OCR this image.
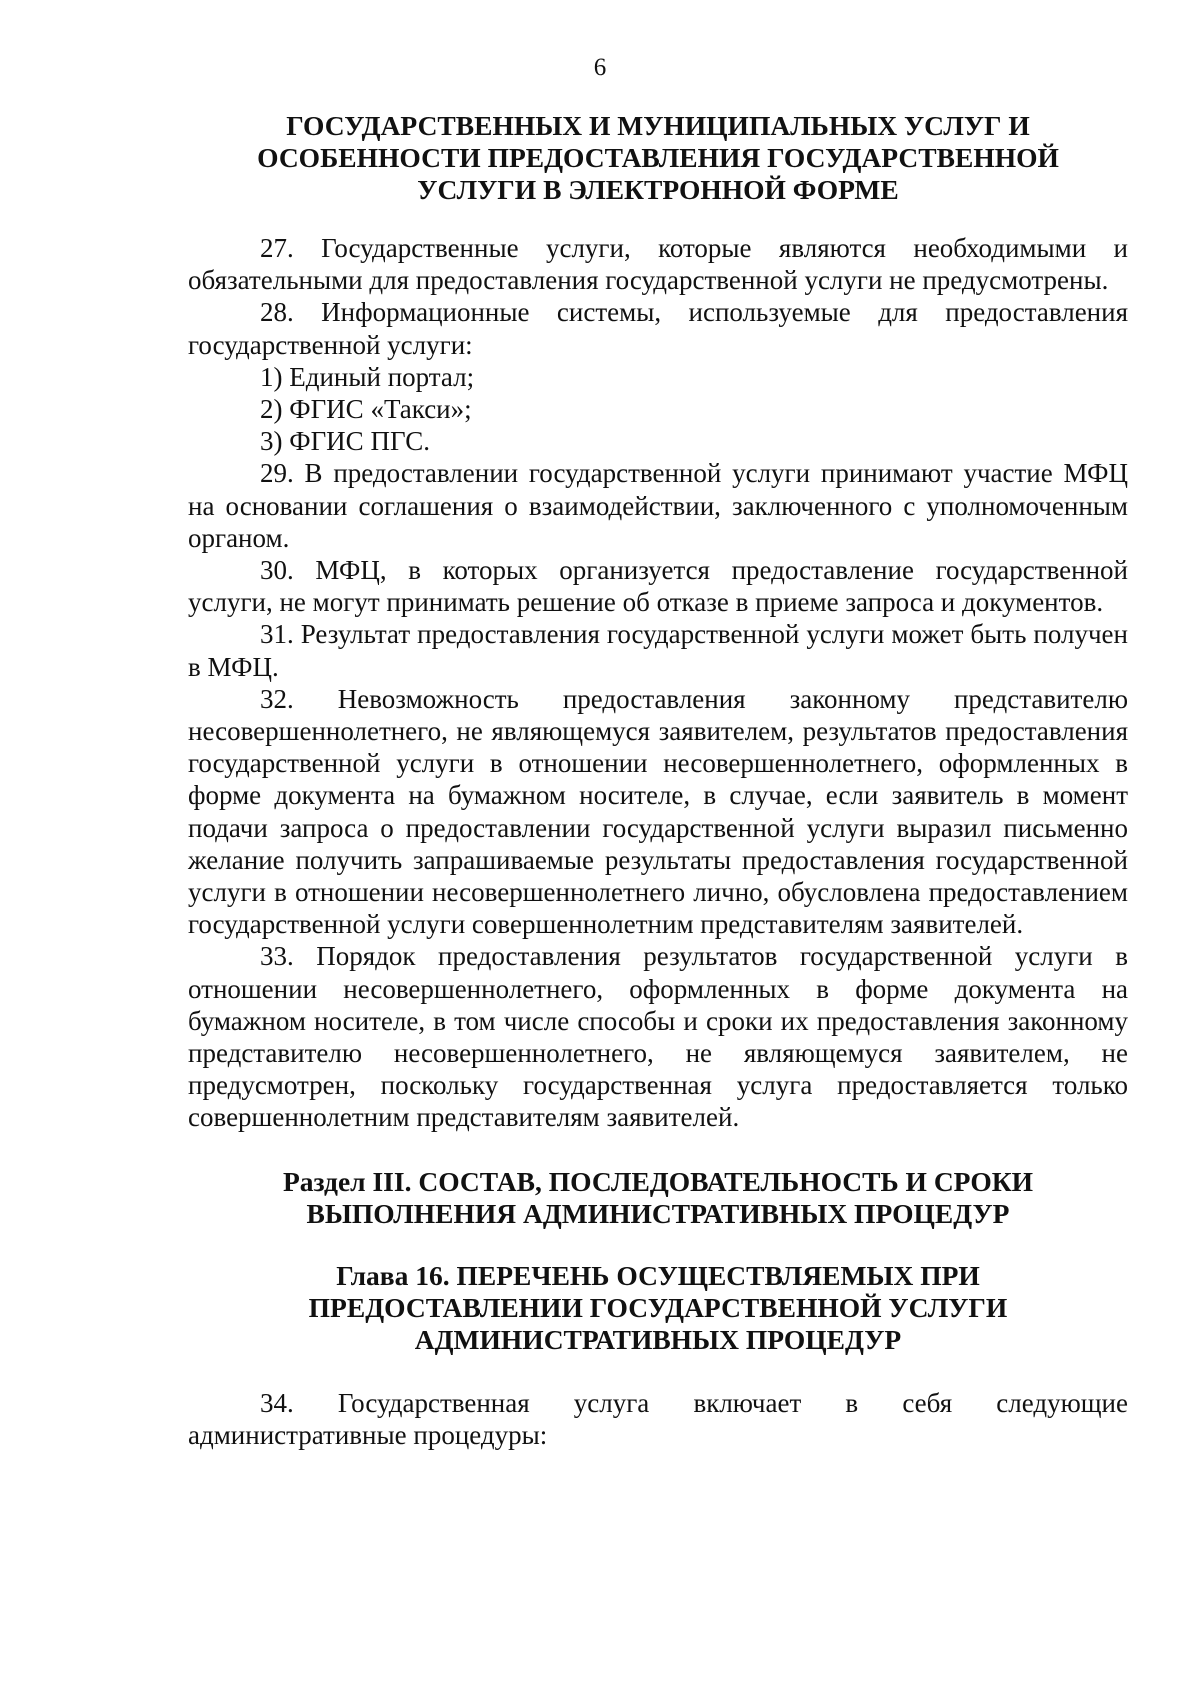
6
ГОСУДАРСТВЕННЫХ И МУНИЦИПАЛЬНЫХ УСЛУГ И
ОСОБЕННОСТИ ПРЕДОСТАВЛЕНИЯ ГОСУДАРСТВЕННОЙ
УСЛУГИ В ЭЛЕКТРОННОЙ ФОРМЕ

27. Государственные услуги, которые являются необходимыми и обязательными для предоставления государственной услуги не предусмотрены.

28. Информационные системы, используемые для предоставления государственной услуги:

1) Единый портал;

2) ФГИС «Такси»;

3) ФГИС ПГС.

29. В предоставлении государственной услуги принимают участие МФЦ на основании соглашения о взаимодействии, заключенного с уполномоченным органом.

30. МФЦ, в которых организуется предоставление государственной услуги, не могут принимать решение об отказе в приеме запроса и документов.

31. Результат предоставления государственной услуги может быть получен в МФЦ.

32. Невозможность предоставления законному представителю несовершеннолетнего, не являющемуся заявителем, результатов предоставления государственной услуги в отношении несовершеннолетнего, оформленных в форме документа на бумажном носителе, в случае, если заявитель в момент подачи запроса о предоставлении государственной услуги выразил письменно желание получить запрашиваемые результаты предоставления государственной услуги в отношении несовершеннолетнего лично, обусловлена предоставлением государственной услуги совершеннолетним представителям заявителей.

33. Порядок предоставления результатов государственной услуги в отношении несовершеннолетнего, оформленных в форме документа на бумажном носителе, в том числе способы и сроки их предоставления законному представителю несовершеннолетнего, не являющемуся заявителем, не предусмотрен, поскольку государственная услуга предоставляется только совершеннолетним представителям заявителей.

Раздел III. СОСТАВ, ПОСЛЕДОВАТЕЛЬНОСТЬ И СРОКИ
ВЫПОЛНЕНИЯ АДМИНИСТРАТИВНЫХ ПРОЦЕДУР
Глава 16. ПЕРЕЧЕНЬ ОСУЩЕСТВЛЯЕМЫХ ПРИ
ПРЕДОСТАВЛЕНИИ ГОСУДАРСТВЕННОЙ УСЛУГИ
АДМИНИСТРАТИВНЫХ ПРОЦЕДУР

34. Государственная услуга включает в себя следующие административные процедуры:
